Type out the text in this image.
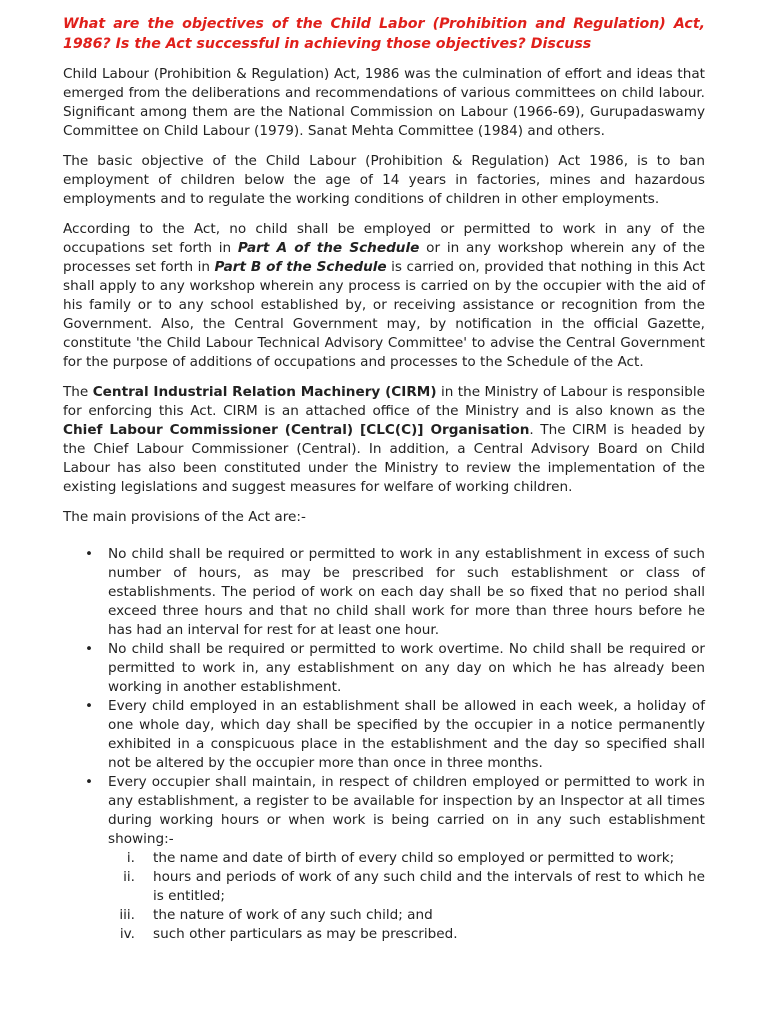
What are the objectives of the Child Labor (Prohibition and Regulation) Act, 1986? Is the Act successful in achieving those objectives? Discuss

Child Labour (Prohibition & Regulation) Act, 1986 was the culmination of effort and ideas that emerged from the deliberations and recommendations of various committees on child labour. Significant among them are the National Commission on Labour (1966-69), Gurupadaswamy Committee on Child Labour (1979). Sanat Mehta Committee (1984) and others.

The basic objective of the Child Labour (Prohibition & Regulation) Act 1986, is to ban employment of children below the age of 14 years in factories, mines and hazardous employments and to regulate the working conditions of children in other employments.

According to the Act, no child shall be employed or permitted to work in any of the occupations set forth in Part A of the Schedule or in any workshop wherein any of the processes set forth in Part B of the Schedule is carried on, provided that nothing in this Act shall apply to any workshop wherein any process is carried on by the occupier with the aid of his family or to any school established by, or receiving assistance or recognition from the Government. Also, the Central Government may, by notification in the official Gazette, constitute 'the Child Labour Technical Advisory Committee' to advise the Central Government for the purpose of additions of occupations and processes to the Schedule of the Act.

The Central Industrial Relation Machinery (CIRM) in the Ministry of Labour is responsible for enforcing this Act. CIRM is an attached office of the Ministry and is also known as the Chief Labour Commissioner (Central) [CLC(C)] Organisation. The CIRM is headed by the Chief Labour Commissioner (Central). In addition, a Central Advisory Board on Child Labour has also been constituted under the Ministry to review the implementation of the existing legislations and suggest measures for welfare of working children.

The main provisions of the Act are:-

• No child shall be required or permitted to work in any establishment in excess of such number of hours, as may be prescribed for such establishment or class of establishments. The period of work on each day shall be so fixed that no period shall exceed three hours and that no child shall work for more than three hours before he has had an interval for rest for at least one hour.
• No child shall be required or permitted to work overtime. No child shall be required or permitted to work in, any establishment on any day on which he has already been working in another establishment.
• Every child employed in an establishment shall be allowed in each week, a holiday of one whole day, which day shall be specified by the occupier in a notice permanently exhibited in a conspicuous place in the establishment and the day so specified shall not be altered by the occupier more than once in three months.
• Every occupier shall maintain, in respect of children employed or permitted to work in any establishment, a register to be available for inspection by an Inspector at all times during working hours or when work is being carried on in any such establishment showing:-
i. the name and date of birth of every child so employed or permitted to work;
ii. hours and periods of work of any such child and the intervals of rest to which he is entitled;
iii. the nature of work of any such child; and
iv. such other particulars as may be prescribed.
